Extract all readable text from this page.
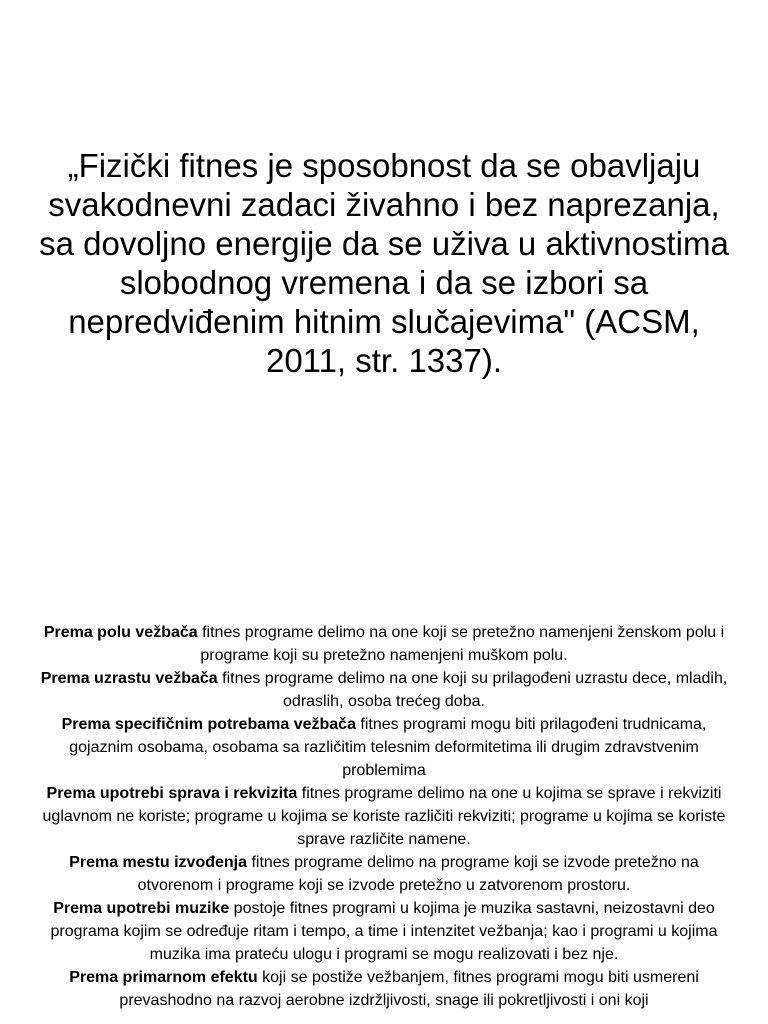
„Fizički fitnes je sposobnost da se obavljaju svakodnevni zadaci živahno i bez naprezanja, sa dovoljno energije da se uživa u aktivnostima slobodnog vremena i da se izbori sa nepredviđenim hitnim slučajevima" (ACSM, 2011, str. 1337).

Prema polu vežbača fitnes programe delimo na one koji se pretežno namenjeni ženskom polu i programe koji su pretežno namenjeni muškom polu.

Prema uzrastu vežbača fitnes programe delimo na one koji su prilagođeni uzrastu dece, mladih, odraslih, osoba trećeg doba.

Prema specifičnim potrebama vežbača fitnes programi mogu biti prilagođeni trudnicama, gojaznim osobama, osobama sa različitim telesnim deformitetima ili drugim zdravstvenim problemima

Prema upotrebi sprava i rekvizita fitnes programe delimo na one u kojima se sprave i rekviziti uglavnom ne koriste; programe u kojima se koriste različiti rekviziti; programe u kojima se koriste sprave različite namene.

Prema mestu izvođenja fitnes programe delimo na programe koji se izvode pretežno na otvorenom i programe koji se izvode pretežno u zatvorenom prostoru.

Prema upotrebi muzike postoje fitnes programi u kojima je muzika sastavni, neizostavni deo programa kojim se određuje ritam i tempo, a time i intenzitet vežbanja; kao i programi u kojima muzika ima prateću ulogu i programi se mogu realizovati i bez nje.

Prema primarnom efektu koji se postiže vežbanjem, fitnes programi mogu biti usmereni prevashodno na razvoj aerobne izdržljivosti, snage ili pokretljivosti i oni koji
